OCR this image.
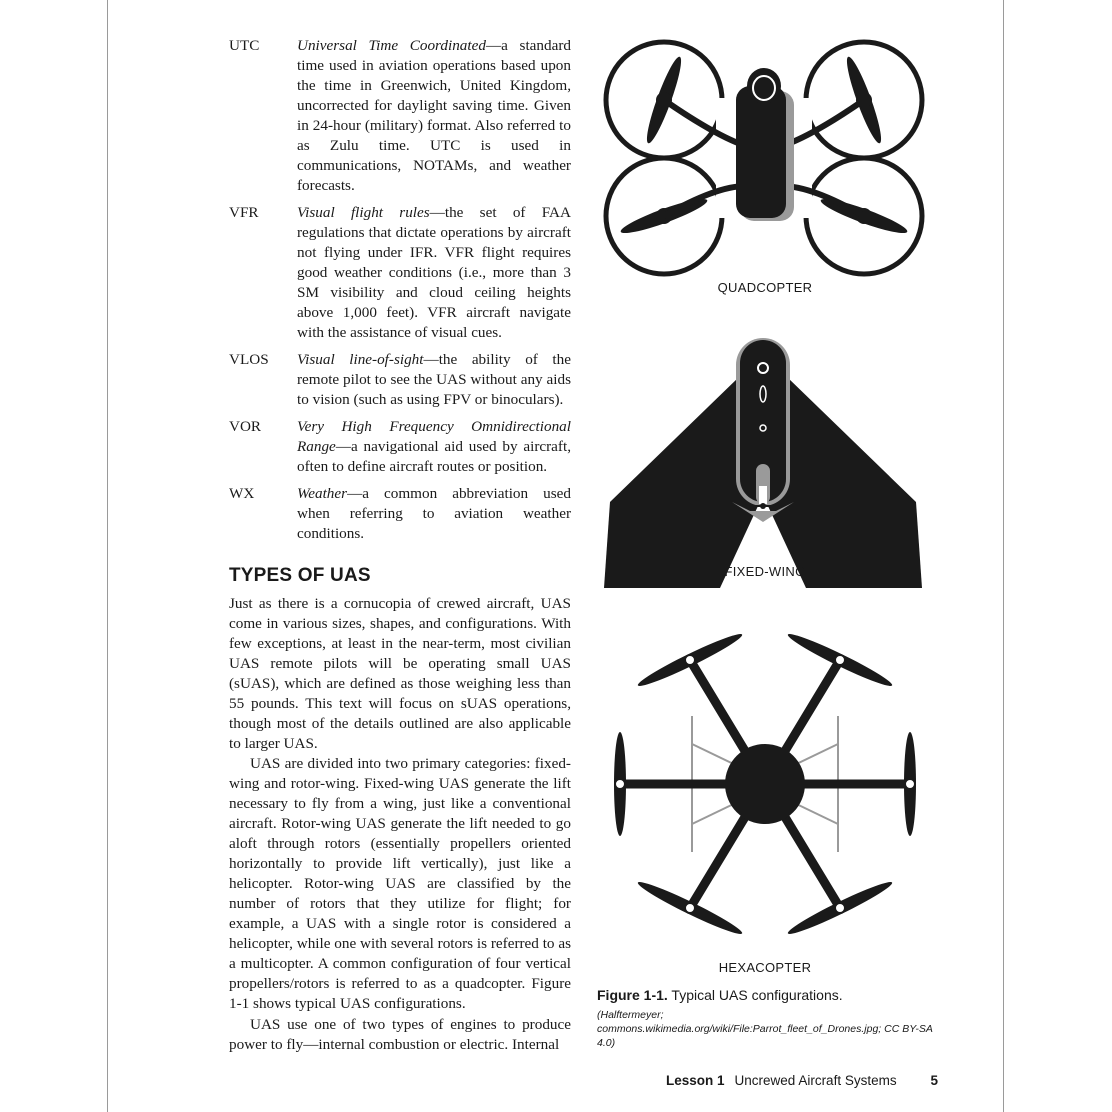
UTC	Universal Time Coordinated—a standard time used in aviation operations based upon the time in Greenwich, United Kingdom, uncorrected for daylight saving time. Given in 24-hour (military) format. Also referred to as Zulu time. UTC is used in communications, NOTAMs, and weather forecasts.
VFR	Visual flight rules—the set of FAA regulations that dictate operations by aircraft not flying under IFR. VFR flight requires good weather conditions (i.e., more than 3 SM visibility and cloud ceiling heights above 1,000 feet). VFR aircraft navigate with the assistance of visual cues.
VLOS	Visual line-of-sight—the ability of the remote pilot to see the UAS without any aids to vision (such as using FPV or binoculars).
VOR	Very High Frequency Omnidirectional Range—a navigational aid used by aircraft, often to define aircraft routes or position.
WX	Weather—a common abbreviation used when referring to aviation weather conditions.
TYPES OF UAS

Just as there is a cornucopia of crewed aircraft, UAS come in various sizes, shapes, and configurations. With few exceptions, at least in the near-term, most civilian UAS remote pilots will be operating small UAS (sUAS), which are defined as those weighing less than 55 pounds. This text will focus on sUAS operations, though most of the details outlined are also applicable to larger UAS.

UAS are divided into two primary categories: fixed-wing and rotor-wing. Fixed-wing UAS generate the lift necessary to fly from a wing, just like a conventional aircraft. Rotor-wing UAS generate the lift needed to go aloft through rotors (essentially propellers oriented horizontally to provide lift vertically), just like a helicopter. Rotor-wing UAS are classified by the number of rotors that they utilize for flight; for example, a UAS with a single rotor is considered a helicopter, while one with several rotors is referred to as a multicopter. A common configuration of four vertical propellers/rotors is referred to as a quadcopter. Figure 1-1 shows typical UAS configurations.

UAS use one of two types of engines to produce power to fly—internal combustion or electric. Internal

QUADCOPTER
FIXED-WING
HEXACOPTER
Figure 1-1. Typical UAS configurations.
(Halftermeyer; commons.wikimedia.org/wiki/File:Parrot_fleet_of_Drones.jpg; CC BY-SA 4.0)
Lesson 1 Uncrewed Aircraft Systems	5
